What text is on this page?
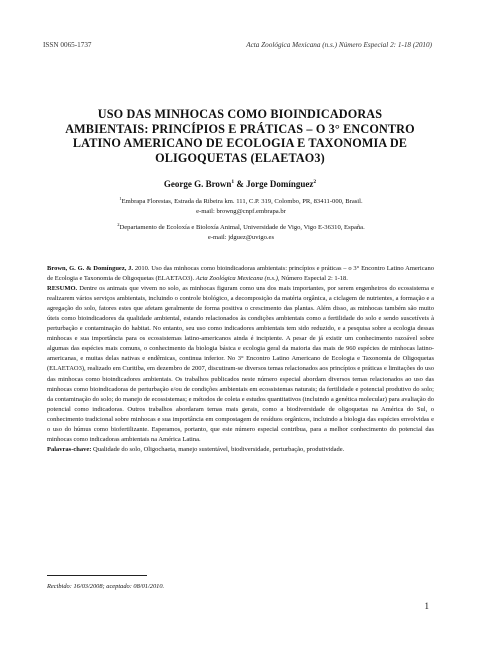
ISSN 0065-1737	Acta Zoológica Mexicana (n.s.) Número Especial 2: 1-18 (2010)
USO DAS MINHOCAS COMO BIOINDICADORAS
AMBIENTAIS: PRINCÍPIOS E PRÁTICAS – O 3° ENCONTRO
LATINO AMERICANO DE ECOLOGIA E TAXONOMIA DE
OLIGOQUETAS (ELAETAO3)
George G. Brown$^1$ & Jorge Domínguez$^2$
$^1$Embrapa Florestas, Estrada da Ribeira km. 111, C.P. 319, Colombo, PR, 83411-000, Brasil.
e-mail: browng@cnpf.embrapa.br
$^2$Departamento de Ecoloxía e Bioloxía Animal, Universidade de Vigo, Vigo E-36310, España.
e-mail: jdguez@uvigo.es

Brown, G. G. & Domínguez, J. 2010. Uso das minhocas como bioindicadoras ambientais: princípios e práticas – o 3° Encontro Latino Americano de Ecologia e Taxonomia de Oligoquetas (ELAETAO3). Acta Zoológica Mexicana (n.s.), Número Especial 2: 1-18.

RESUMO. Dentre os animais que vivem no solo, as minhocas figuram como uns dos mais importantes, por serem engenheiros do ecossistema e realizarem vários serviços ambientais, incluindo o controle biológico, a decomposição da matéria orgânica, a ciclagem de nutrientes, a formação e a agregação do solo, fatores estes que afetam geralmente de forma positiva o crescimento das plantas. Além disso, as minhocas também são muito úteis como bioindicadores da qualidade ambiental, estando relacionados às condições ambientais como a fertilidade do solo e sendo suscetíveis à perturbação e contaminação do habitat. No entanto, seu uso como indicadores ambientais tem sido reduzido, e a pesquisa sobre a ecologia dessas minhocas e sua importância para os ecossistemas latino-americanos ainda é incipiente. A pesar de já existir um conhecimento razoável sobre algumas das espécies mais comuns, o conhecimento da biologia básica e ecologia geral da maioria das mais de 960 espécies de minhocas latino-americanas, e muitas delas nativas e endêmicas, continua inferior. No 3° Encontro Latino Americano de Ecologia e Taxonomia de Oligoquetas (ELAETAO3), realizado em Curitiba, em dezembro de 2007, discutiram-se diversos temas relacionados aos princípios e práticas e limitações do uso das minhocas como bioindicadores ambientais. Os trabalhos publicados neste número especial abordam diversos temas relacionados ao uso das minhocas como bioindicadoras de perturbação e/ou de condições ambientais em ecossistemas naturais; da fertilidade e potencial produtivo do solo; da contaminação do solo; do manejo de ecossistemas; e métodos de coleta e estudos quantitativos (incluindo a genética molecular) para avaliação do potencial como indicadoras. Outros trabalhos abordaram temas mais gerais, como a biodiversidade de oligoquetas na América do Sul, o conhecimento tradicional sobre minhocas e sua importância em compostagem de resíduos orgânicos, incluindo a biologia das espécies envolvidas e o uso do húmus como biofertilizante. Esperamos, portanto, que este número especial contribua, para a melhor conhecimento do potencial das minhocas como indicadoras ambientais na América Latina.

Palavras-chave: Qualidade do solo, Oligochaeta, manejo sustentável, biodiversidade, perturbação, produtividade.

Recibido: 16/03/2008; aceptado: 08/01/2010.
1
